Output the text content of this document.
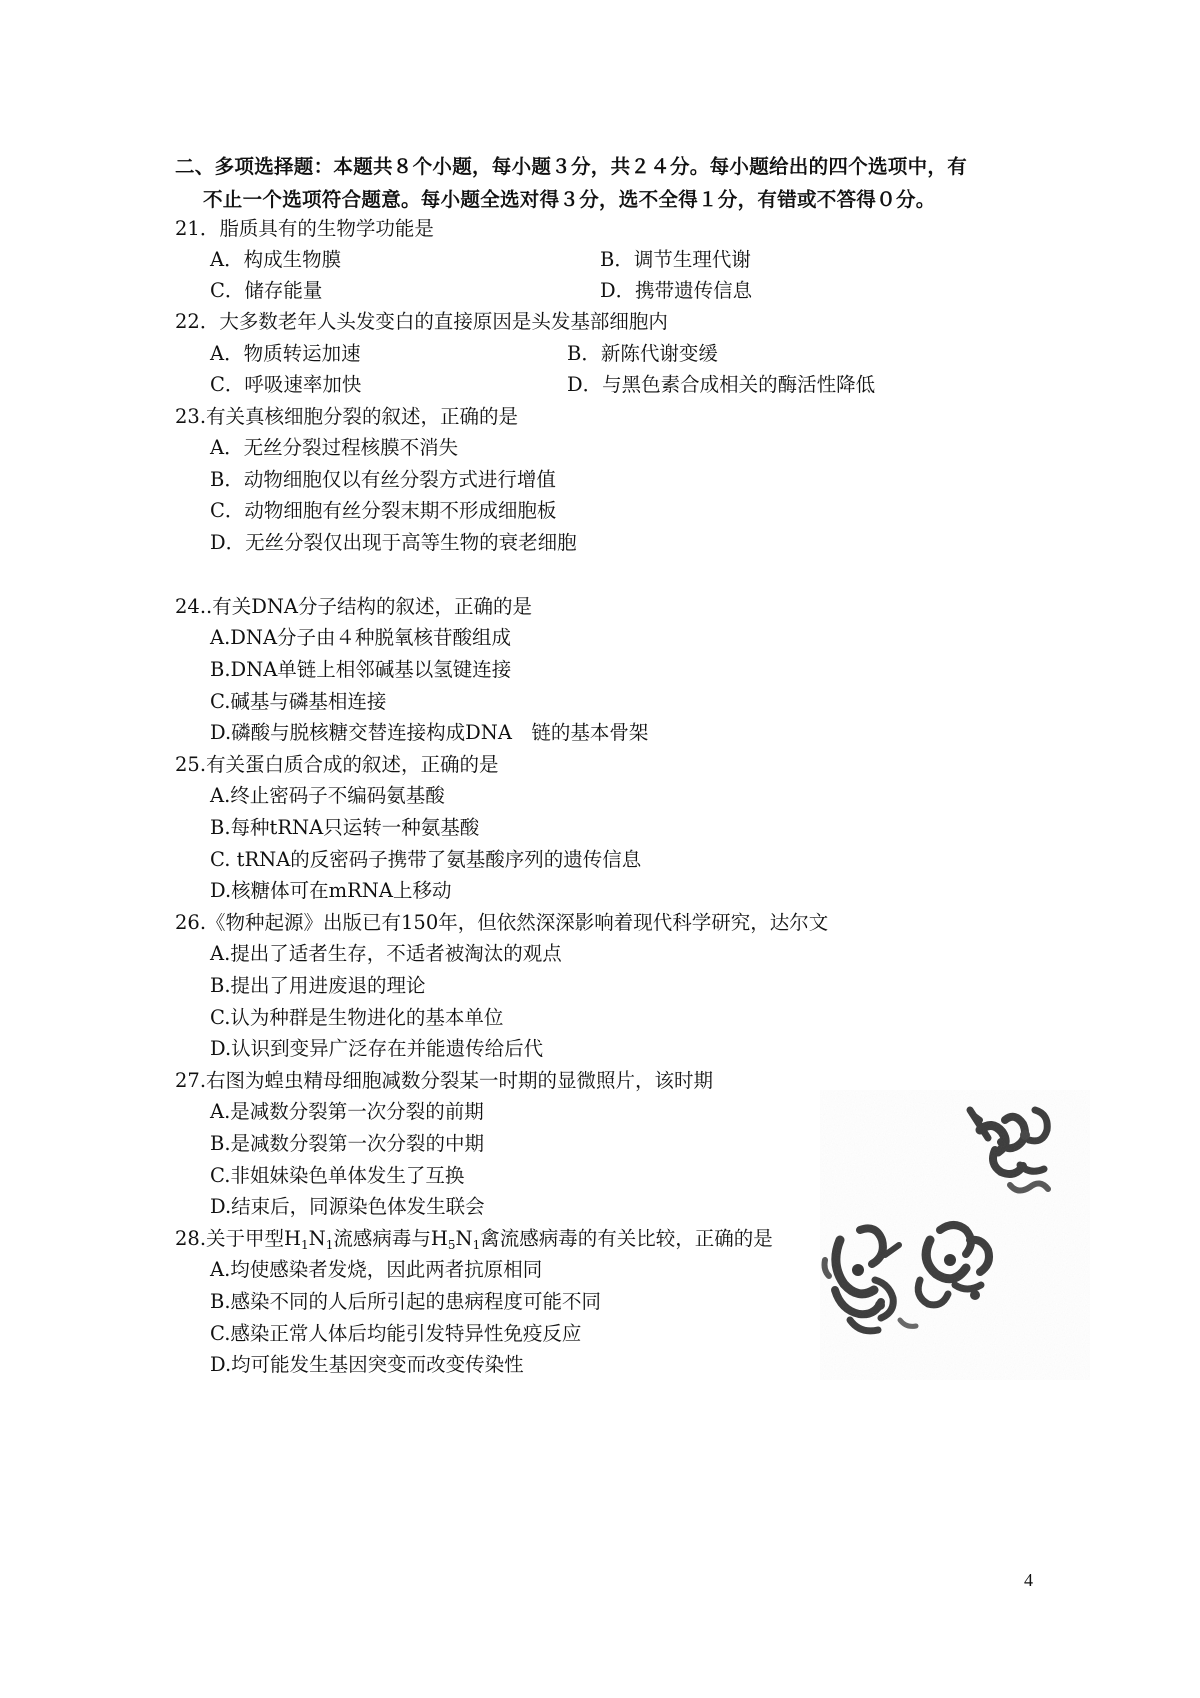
二、多项选择题：本题共８个小题，每小题３分，共２４分。每小题给出的四个选项中，有
不止一个选项符合题意。每小题全选对得３分，选不全得１分，有错或不答得０分。
21．脂质具有的生物学功能是
A．构成生物膜	B．调节生理代谢
C．储存能量	D．携带遗传信息
22．大多数老年人头发变白的直接原因是头发基部细胞内
A．物质转运加速	B．新陈代谢变缓
C．呼吸速率加快	D．与黑色素合成相关的酶活性降低
23.有关真核细胞分裂的叙述，正确的是
A．无丝分裂过程核膜不消失
B．动物细胞仅以有丝分裂方式进行增值
C．动物细胞有丝分裂末期不形成细胞板
D．无丝分裂仅出现于高等生物的衰老细胞
24..有关DNA分子结构的叙述，正确的是
A.DNA分子由４种脱氧核苷酸组成
B.DNA单链上相邻碱基以氢键连接
C.碱基与磷基相连接
D.磷酸与脱核糖交替连接构成DNA　链的基本骨架
25.有关蛋白质合成的叙述，正确的是
A.终止密码子不编码氨基酸
B.每种tRNA只运转一种氨基酸
C. tRNA的反密码子携带了氨基酸序列的遗传信息
D.核糖体可在mRNA上移动
26.《物种起源》出版已有150年，但依然深深影响着现代科学研究，达尔文
A.提出了适者生存，不适者被淘汰的观点
B.提出了用进废退的理论
C.认为种群是生物进化的基本单位
D.认识到变异广泛存在并能遗传给后代
27.右图为蝗虫精母细胞减数分裂某一时期的显微照片，该时期
A.是减数分裂第一次分裂的前期
B.是减数分裂第一次分裂的中期
C.非姐妹染色单体发生了互换
D.结束后，同源染色体发生联会
28.关于甲型$H_1N_1$流感病毒与$H_5N_1$禽流感病毒的有关比较，正确的是
A.均使感染者发烧，因此两者抗原相同
B.感染不同的人后所引起的患病程度可能不同
C.感染正常人体后均能引发特异性免疫反应
D.均可能发生基因突变而改变传染性
4
